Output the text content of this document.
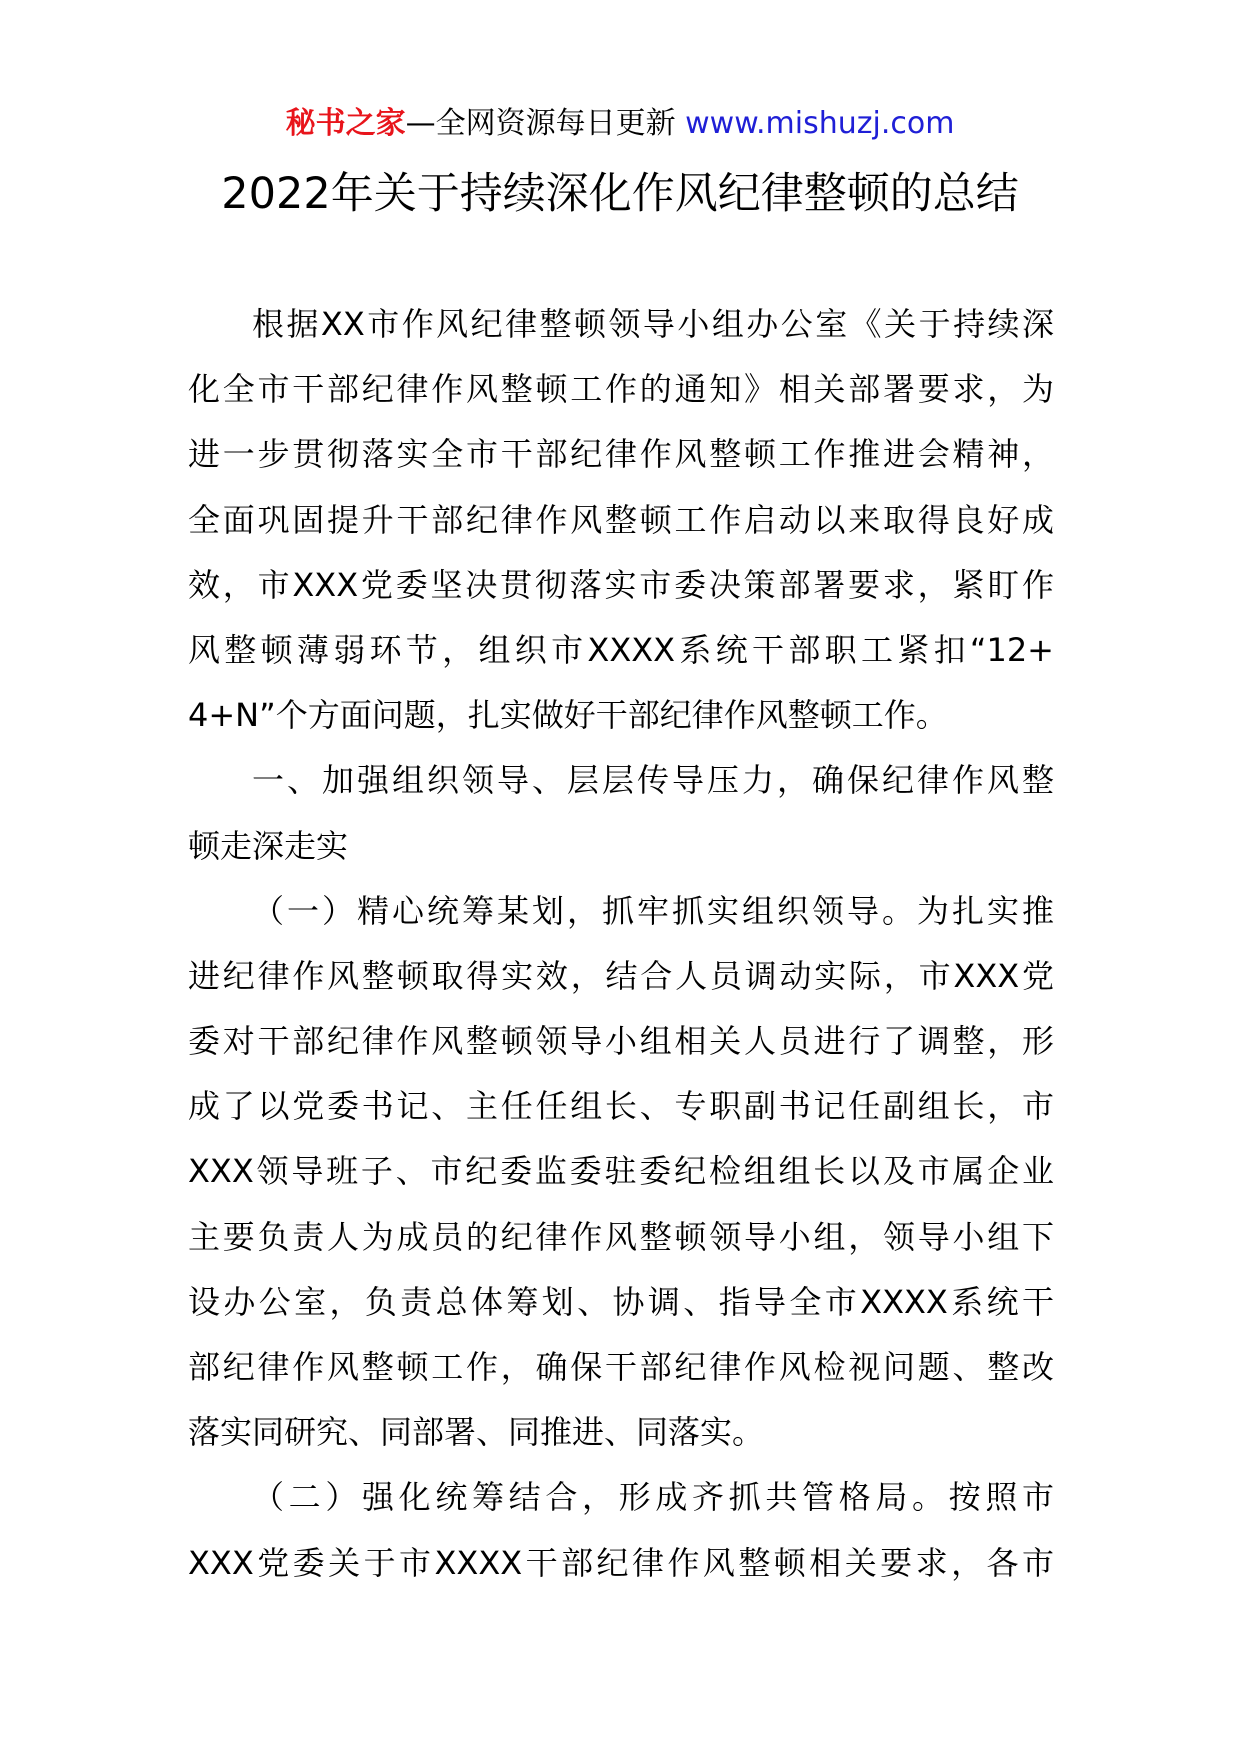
秘书之家—全网资源每日更新 www.mishuzj.com
2022年关于持续深化作风纪律整顿的总结
根据XX市作风纪律整顿领导小组办公室《关于持续深
化全市干部纪律作风整顿工作的通知》相关部署要求，为
进一步贯彻落实全市干部纪律作风整顿工作推进会精神，
全面巩固提升干部纪律作风整顿工作启动以来取得良好成
效，市XXX党委坚决贯彻落实市委决策部署要求，紧盯作
风整顿薄弱环节，组织市XXXX系统干部职工紧扣“12+
4+N”个方面问题，扎实做好干部纪律作风整顿工作。
一、加强组织领导、层层传导压力，确保纪律作风整
顿走深走实
（一）精心统筹某划，抓牢抓实组织领导。为扎实推
进纪律作风整顿取得实效，结合人员调动实际，市XXX党
委对干部纪律作风整顿领导小组相关人员进行了调整，形
成了以党委书记、主任任组长、专职副书记任副组长，市
XXX领导班子、市纪委监委驻委纪检组组长以及市属企业
主要负责人为成员的纪律作风整顿领导小组，领导小组下
设办公室，负责总体筹划、协调、指导全市XXXX系统干
部纪律作风整顿工作，确保干部纪律作风检视问题、整改
落实同研究、同部署、同推进、同落实。
（二）强化统筹结合，形成齐抓共管格局。按照市
XXX党委关于市XXXX干部纪律作风整顿相关要求，各市
